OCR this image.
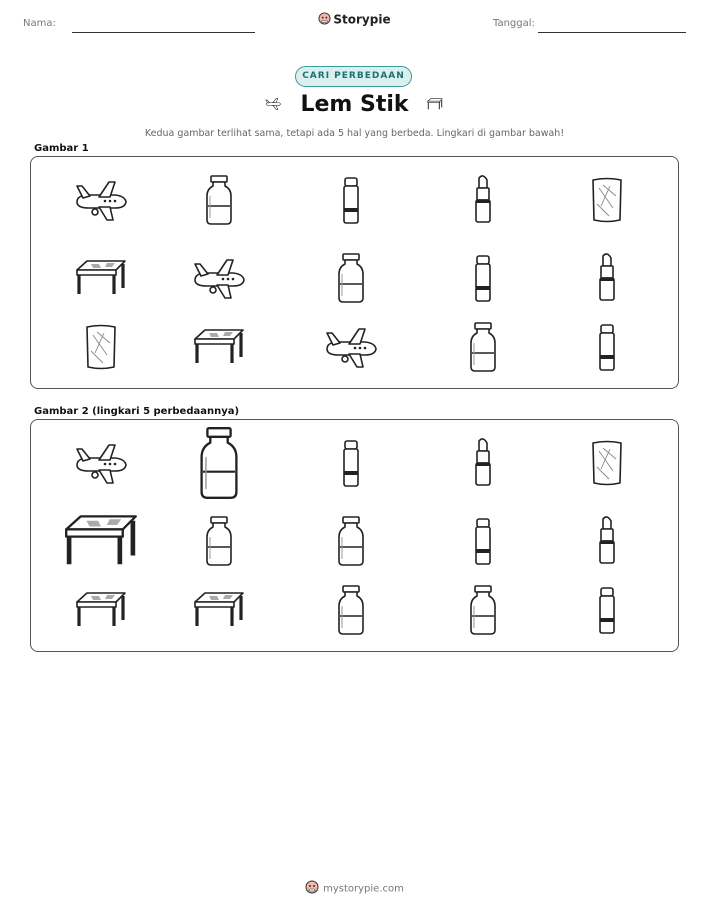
Nama:	Storypie	Tanggal:
CARI PERBEDAAN
Lem Stik
Kedua gambar terlihat sama, tetapi ada 5 hal yang berbeda. Lingkari di gambar bawah!
Gambar 1
Gambar 2 (lingkari 5 perbedaannya)
mystorypie.com
